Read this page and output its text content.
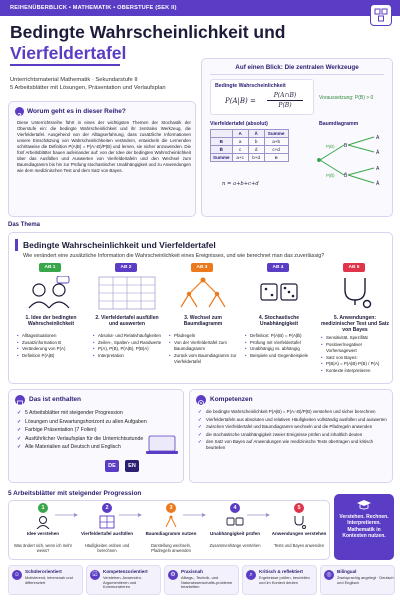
REIHENÜBERBLICK • MATHEMATIK • OBERSTUFE (SEK II)
Bedingte Wahrscheinlichkeit und
Vierfeldertafel
Unterrichtsmaterial Mathematik · Sekundarstufe II
5 Arbeitsblätter mit Lösungen, Präsentation und Verlaufsplan
?
Worum geht es in dieser Reihe?
Diese Unterrichtsreihe führt in eines der wichtigsten Themen der Stochastik der Oberstufe ein: die bedingte Wahrscheinlichkeit und ihr zentrales Werkzeug, die Vierfeldertafel. Ausgehend von der Alltagserfahrung, dass zusätzliche Informationen unsere Einschätzung von Wahrscheinlichkeiten verändern, entwickeln die Lernenden schrittweise die Definition P(A|B) = P(A∩B)/P(B) und lernen, sie sicher anzuwenden. Die fünf Arbeitsblätter bauen aufeinander auf: von der Idee der bedingten Wahrscheinlichkeit über das Ausfüllen und Auswerten von Vierfeldertafeln und den Wechsel zum Baumdiagramm bis hin zur Prüfung stochastischer Unabhängigkeit und zu Anwendungen wie dem medizinischen Test und dem Satz von Bayes.
Auf einen Blick: Die zentralen Werkzeuge
Bedingte Wahrscheinlichkeit
P(A|B) =
P(A∩B)
P(B)
Voraussetzung: P(B) > 0
Vierfeldertafel (absolut)
	A	Ā	Summe
B	a	b	a+b
B̄	c	d	c+d
Summe	a+c	b+d	n
n = a+b+c+d
Baumdiagramm
P(B)
P(B̄)
B
B̄
A
Ā
A
Ā
Das Thema
Bedingte Wahrscheinlichkeit und Vierfeldertafel
Wie verändert eine zusätzliche Information die Wahrscheinlichkeit eines Ereignisses, und wie berechnet man das zuverlässig?
AB 1
1. Idee der bedingten Wahrscheinlichkeit
• Alltagssituationen
• Zusatzinformation B
• Veränderung von P(A)
• Definition P(A|B)
AB 2
2. Vierfeldertafel ausfüllen und auswerten
• Absolut- und Relativhäufigkeiten
• Zeilen-, Spalten- und Randwerte
• P(A), P(B), P(A|B), P(B|A)
• Interpretation
AB 3
3. Wechsel zum Baumdiagramm
• Pfadregeln
• Von der Vierfeldertafel zum Baumdiagramm
• Zurück vom Baumdiagramm zur Vierfeldertafel
AB 4
4. Stochastische Unabhängigkeit
• Definition: P(A|B) = P(A|B̄)
• Prüfung mit Vierfeldertafel
• Unabhängig vs. abhängig
• Beispiele und Gegenbeispiele
AB 5
5. Anwendungen: medizinischer Test und Satz von Bayes
• Sensitivität, Spezifität
• Positiver/negativer Vorhersagewert
• Satz von Bayes:
• P(B|A) = P(A|B)·P(B) / P(A)
• Kontexte interpretieren
Das ist enthalten
✓ 5 Arbeitsblätter mit steigender Progression
✓ Lösungen und Erwartungshorizont zu allen Aufgaben
✓ Farbige Präsentation (7 Folien)
✓ Ausführlicher Verlaufsplan für die Unterrichtsstunde
✓ Alle Materialien auf Deutsch und Englisch
DE	EN
Kompetenzen
✓ die bedingte Wahrscheinlichkeit P(A|B) = P(A∩B)/P(B) verstehen und sicher berechnen
✓ Vierfeldertafeln aus absoluten und relativen Häufigkeiten vollständig ausfüllen und auswerten
✓ zwischen Vierfeldertafel und Baumdiagramm wechseln und die Pfadregeln anwenden
✓ die stochastische Unabhängigkeit zweier Ereignisse prüfen und inhaltlich deuten
✓ den Satz von Bayes auf Anwendungen wie medizinische Tests übertragen und kritisch beurteilen
5 Arbeitsblätter mit steigender Progression
1
Idee verstehen
Was ändert sich, wenn ich mehr weiss?
2
Vierfeldertafel ausfüllen
Häufigkeiten ordnen und berechnen
3
Baumdiagramm nutzen
Darstellung wechseln, Pfadregeln anwenden
4
Unabhängigkeit prüfen
Zusammenhänge verstehen
5
Anwendungen verstehen
Tests und Bayes anwenden
Verstehen. Rechnen. Interpretieren. Mathematik in Kontexten nutzen.
☺
Schülerorientiert
Motivierend, lebensnah und differenziert
☑
Kompetenzorientiert
Verstehen, Anwenden, Argumentieren und Kommunizieren
⚙
Praxisnah
Alltags-, Technik- und Naturwissenschafts-probleme bearbeiten
⌕
Kritisch & reflektiert
Ergebnisse prüfen, beurteilen und im Kontext deuten
◎
Bilingual
Zweisprachig angelegt · Deutsch und Englisch
